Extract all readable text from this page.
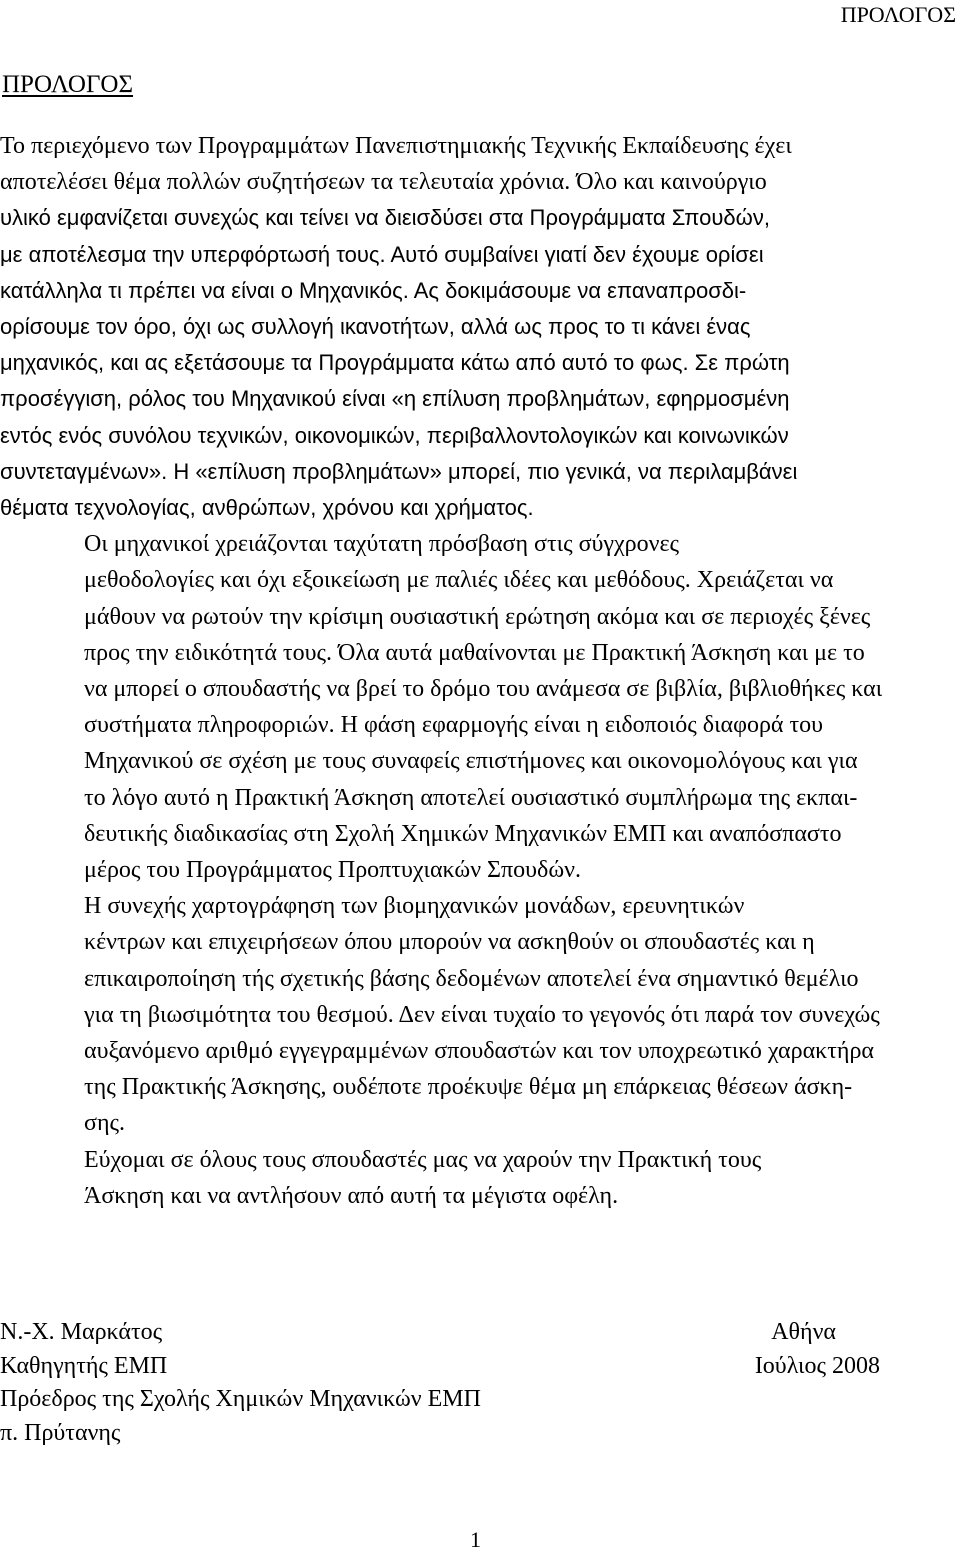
ΠΡΟΛΟΓΟΣ
ΠΡΟΛΟΓΟΣ

Το περιεχόμενο των Προγραμμάτων Πανεπιστημιακής Τεχνικής Εκπαίδευσης έχει
αποτελέσει θέμα πολλών συζητήσεων τα τελευταία χρόνια. Όλο και καινούργιο
υλικό εμφανίζεται συνεχώς και τείνει να διεισδύσει στα Προγράμματα Σπουδών,
με αποτέλεσμα την υπερφόρτωσή τους. Αυτό συμβαίνει γιατί δεν έχουμε ορίσει
κατάλληλα τι πρέπει να είναι ο Μηχανικός. Ας δοκιμάσουμε να επαναπροσδι-
ορίσουμε τον όρο, όχι ως συλλογή ικανοτήτων, αλλά ως προς το τι κάνει ένας
μηχανικός, και ας εξετάσουμε τα Προγράμματα κάτω από αυτό το φως. Σε πρώτη
προσέγγιση, ρόλος του Μηχανικού είναι «η επίλυση προβλημάτων, εφηρμοσμένη
εντός ενός συνόλου τεχνικών, οικονομικών, περιβαλλοντολογικών και κοινωνικών
συντεταγμένων». Η «επίλυση προβλημάτων» μπορεί, πιο γενικά, να περιλαμβάνει
θέματα τεχνολογίας, ανθρώπων, χρόνου και χρήματος.

Οι μηχανικοί χρειάζονται ταχύτατη πρόσβαση στις σύγχρονες
μεθοδολογίες και όχι εξοικείωση με παλιές ιδέες και μεθόδους. Χρειάζεται να
μάθουν να ρωτούν την κρίσιμη ουσιαστική ερώτηση ακόμα και σε περιοχές ξένες
προς την ειδικότητά τους. Όλα αυτά μαθαίνονται με Πρακτική Άσκηση και με το
να μπορεί ο σπουδαστής να βρεί το δρόμο του ανάμεσα σε βιβλία, βιβλιοθήκες και
συστήματα πληροφοριών. Η φάση εφαρμογής είναι η ειδοποιός διαφορά του
Μηχανικού σε σχέση με τους συναφείς επιστήμονες και οικονομολόγους και για
το λόγο αυτό η Πρακτική Άσκηση αποτελεί ουσιαστικό συμπλήρωμα της εκπαι-
δευτικής διαδικασίας στη Σχολή Χημικών Μηχανικών ΕΜΠ και αναπόσπαστο
μέρος του Προγράμματος Προπτυχιακών Σπουδών.

Η συνεχής χαρτογράφηση των βιομηχανικών μονάδων, ερευνητικών
κέντρων και επιχειρήσεων όπου μπορούν να ασκηθούν οι σπουδαστές και η
επικαιροποίηση τής σχετικής βάσης δεδομένων αποτελεί ένα σημαντικό θεμέλιο
για τη βιωσιμότητα του θεσμού. Δεν είναι τυχαίο το γεγονός ότι παρά τον συνεχώς
αυξανόμενο αριθμό εγγεγραμμένων σπουδαστών και τον υποχρεωτικό χαρακτήρα
της Πρακτικής Άσκησης, ουδέποτε προέκυψε θέμα μη επάρκειας θέσεων άσκη-
σης.

Εύχομαι σε όλους τους σπουδαστές μας να χαρούν την Πρακτική τους
Άσκηση και να αντλήσουν από αυτή τα μέγιστα οφέλη.

Ν.-Χ. Μαρκάτος	Αθήνα
Καθηγητής ΕΜΠ	Ιούλιος 2008
Πρόεδρος της Σχολής Χημικών Μηχανικών ΕΜΠ
π. Πρύτανης
1
